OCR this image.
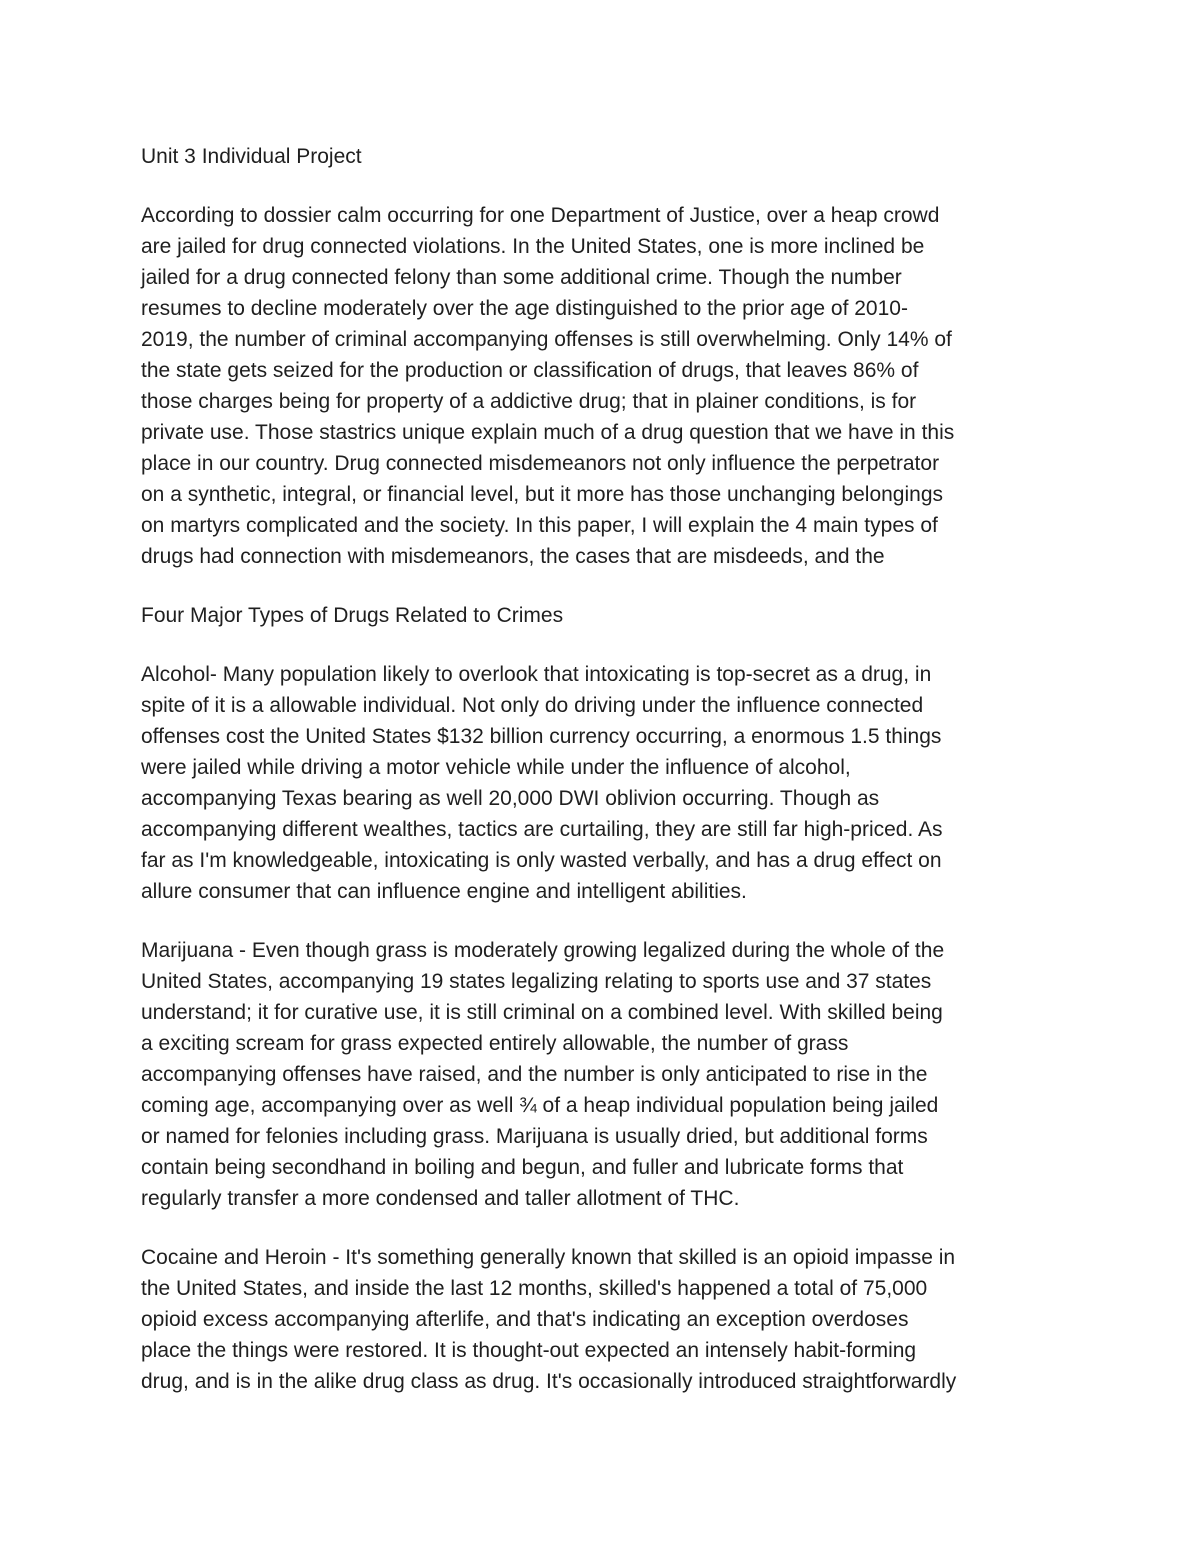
Unit 3 Individual Project

According to dossier calm occurring for one Department of Justice, over a heap crowd
are jailed for drug connected violations. In the United States, one is more inclined be
jailed for a drug connected felony than some additional crime. Though the number
resumes to decline moderately over the age distinguished to the prior age of 2010-
2019, the number of criminal accompanying offenses is still overwhelming. Only 14% of
the state gets seized for the production or classification of drugs, that leaves 86% of
those charges being for property of a addictive drug; that in plainer conditions, is for
private use. Those stastrics unique explain much of a drug question that we have in this
place in our country. Drug connected misdemeanors not only influence the perpetrator
on a synthetic, integral, or financial level, but it more has those unchanging belongings
on martyrs complicated and the society. In this paper, I will explain the 4 main types of
drugs had connection with misdemeanors, the cases that are misdeeds, and the

Four Major Types of Drugs Related to Crimes

Alcohol- Many population likely to overlook that intoxicating is top-secret as a drug, in
spite of it is a allowable individual. Not only do driving under the influence connected
offenses cost the United States $132 billion currency occurring, a enormous 1.5 things
were jailed while driving a motor vehicle while under the influence of alcohol,
accompanying Texas bearing as well 20,000 DWI oblivion occurring. Though as
accompanying different wealthes, tactics are curtailing, they are still far high-priced. As
far as I'm knowledgeable, intoxicating is only wasted verbally, and has a drug effect on
allure consumer that can influence engine and intelligent abilities.

Marijuana - Even though grass is moderately growing legalized during the whole of the
United States, accompanying 19 states legalizing relating to sports use and 37 states
understand; it for curative use, it is still criminal on a combined level. With skilled being
a exciting scream for grass expected entirely allowable, the number of grass
accompanying offenses have raised, and the number is only anticipated to rise in the
coming age, accompanying over as well ¾ of a heap individual population being jailed
or named for felonies including grass. Marijuana is usually dried, but additional forms
contain being secondhand in boiling and begun, and fuller and lubricate forms that
regularly transfer a more condensed and taller allotment of THC.

Cocaine and Heroin - It's something generally known that skilled is an opioid impasse in
the United States, and inside the last 12 months, skilled's happened a total of 75,000
opioid excess accompanying afterlife, and that's indicating an exception overdoses
place the things were restored. It is thought-out expected an intensely habit-forming
drug, and is in the alike drug class as drug. It's occasionally introduced straightforwardly
